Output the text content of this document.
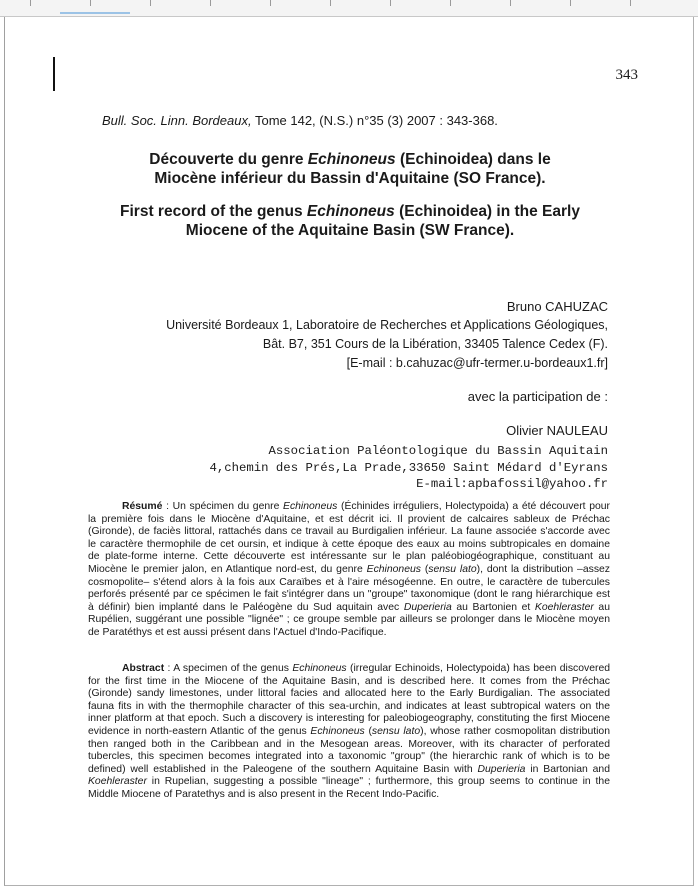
343
Bull. Soc. Linn. Bordeaux, Tome 142, (N.S.) n°35 (3) 2007 : 343-368.
Découverte du genre Echinoneus (Echinoidea) dans le
Miocène inférieur du Bassin d'Aquitaine (SO France).
First record of the genus Echinoneus (Echinoidea) in the Early
Miocene of the Aquitaine Basin (SW France).
Bruno CAHUZAC
Université Bordeaux 1, Laboratoire de Recherches et Applications Géologiques,
Bât. B7, 351 Cours de la Libération, 33405 Talence Cedex (F).
[E-mail : b.cahuzac@ufr-termer.u-bordeaux1.fr]
avec la participation de :
Olivier NAULEAU
Association Paléontologique du Bassin Aquitain
4,chemin des Prés,La Prade,33650 Saint Médard d'Eyrans
E-mail:apbafossil@yahoo.fr
Résumé : Un spécimen du genre Echinoneus (Échinides irréguliers, Holectypoida) a été découvert pour la première fois dans le Miocène d'Aquitaine, et est décrit ici. Il provient de calcaires sableux de Préchac (Gironde), de faciès littoral, rattachés dans ce travail au Burdigalien inférieur. La faune associée s'accorde avec le caractère thermophile de cet oursin, et indique à cette époque des eaux au moins subtropicales en domaine de plate-forme interne. Cette découverte est intéressante sur le plan paléobiogéographique, constituant au Miocène le premier jalon, en Atlantique nord-est, du genre Echinoneus (sensu lato), dont la distribution –assez cosmopolite– s'étend alors à la fois aux Caraïbes et à l'aire mésogéenne. En outre, le caractère de tubercules perforés présenté par ce spécimen le fait s'intégrer dans un "groupe" taxonomique (dont le rang hiérarchique est à définir) bien implanté dans le Paléogène du Sud aquitain avec Duperieria au Bartonien et Koehleraster au Rupélien, suggérant une possible "lignée" ; ce groupe semble par ailleurs se prolonger dans le Miocène moyen de Paratéthys et est aussi présent dans l'Actuel d'Indo-Pacifique.
Abstract : A specimen of the genus Echinoneus (irregular Echinoids, Holectypoida) has been discovered for the first time in the Miocene of the Aquitaine Basin, and is described here. It comes from the Préchac (Gironde) sandy limestones, under littoral facies and allocated here to the Early Burdigalian. The associated fauna fits in with the thermophile character of this sea-urchin, and indicates at least subtropical waters on the inner platform at that epoch. Such a discovery is interesting for paleobiogeography, constituting the first Miocene evidence in north-eastern Atlantic of the genus Echinoneus (sensu lato), whose rather cosmopolitan distribution then ranged both in the Caribbean and in the Mesogean areas. Moreover, with its character of perforated tubercles, this specimen becomes integrated into a taxonomic "group" (the hierarchic rank of which is to be defined) well established in the Paleogene of the southern Aquitaine Basin with Duperieria in Bartonian and Koehleraster in Rupelian, suggesting a possible "lineage" ; furthermore, this group seems to continue in the Middle Miocene of Paratethys and is also present in the Recent Indo-Pacific.
